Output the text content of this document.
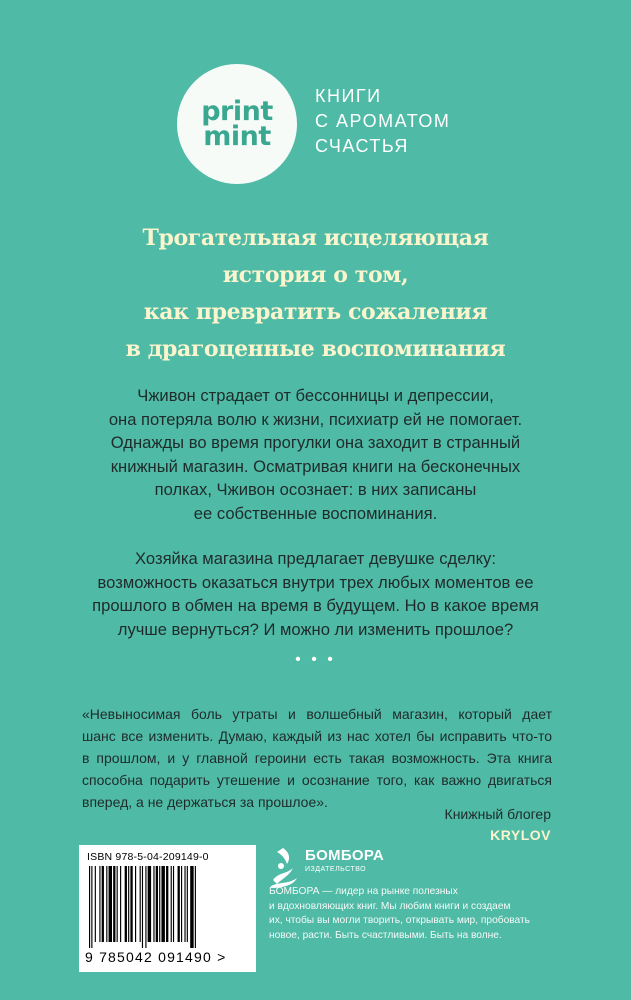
print
mint
КНИГИ
С АРОМАТОМ
СЧАСТЬЯ
Трогательная исцеляющая
история о том,
как превратить сожаления
в драгоценные воспоминания
Чживон страдает от бессонницы и депрессии,
она потеряла волю к жизни, психиатр ей не помогает.
Однажды во время прогулки она заходит в странный
книжный магазин. Осматривая книги на бесконечных
полках, Чживон осознает: в них записаны
ее собственные воспоминания.
Хозяйка магазина предлагает девушке сделку:
возможность оказаться внутри трех любых моментов ее
прошлого в обмен на время в будущем. Но в какое время
лучше вернуться? И можно ли изменить прошлое?
• • •
«Невыносимая боль утраты и волшебный магазин, который дает
шанс все изменить. Думаю, каждый из нас хотел бы исправить что-то
в прошлом, и у главной героини есть такая возможность. Эта книга
способна подарить утешение и осознание того, как важно двигаться
вперед, а не держаться за прошлое».
Книжный блогер
KRYLOV
ISBN 978-5-04-209149-0
9 785042 091490 >
БОМБОРА
ИЗДАТЕЛЬСТВО
БОМБОРА — лидер на рынке полезных
и вдохновляющих книг. Мы любим книги и создаем
их, чтобы вы могли творить, открывать мир, пробовать
новое, расти. Быть счастливыми. Быть на волне.
